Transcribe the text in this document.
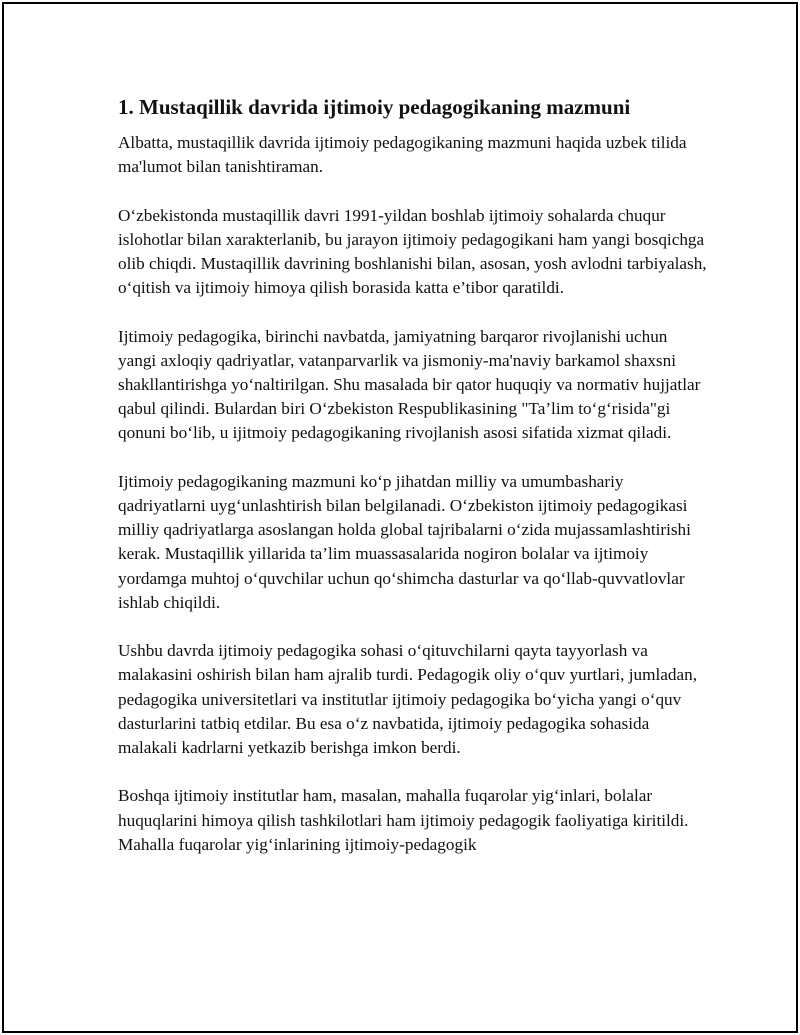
1. Mustaqillik davrida ijtimoiy pedagogikaning mazmuni

Albatta, mustaqillik davrida ijtimoiy pedagogikaning mazmuni haqida uzbek tilida ma'lumot bilan tanishtiraman.

O‘zbekistonda mustaqillik davri 1991-yildan boshlab ijtimoiy sohalarda chuqur islohotlar bilan xarakterlanib, bu jarayon ijtimoiy pedagogikani ham yangi bosqichga olib chiqdi. Mustaqillik davrining boshlanishi bilan, asosan, yosh avlodni tarbiyalash, o‘qitish va ijtimoiy himoya qilish borasida katta e’tibor qaratildi.

Ijtimoiy pedagogika, birinchi navbatda, jamiyatning barqaror rivojlanishi uchun yangi axloqiy qadriyatlar, vatanparvarlik va jismoniy-ma'naviy barkamol shaxsni shakllantirishga yo‘naltirilgan. Shu masalada bir qator huquqiy va normativ hujjatlar qabul qilindi. Bulardan biri O‘zbekiston Respublikasining "Ta’lim to‘g‘risida"gi qonuni bo‘lib, u ijitmoiy pedagogikaning rivojlanish asosi sifatida xizmat qiladi.

Ijtimoiy pedagogikaning mazmuni ko‘p jihatdan milliy va umumbashariy qadriyatlarni uyg‘unlashtirish bilan belgilanadi. O‘zbekiston ijtimoiy pedagogikasi milliy qadriyatlarga asoslangan holda global tajribalarni o‘zida mujassamlashtirishi kerak. Mustaqillik yillarida ta’lim muassasalarida nogiron bolalar va ijtimoiy yordamga muhtoj o‘quvchilar uchun qo‘shimcha dasturlar va qo‘llab-quvvatlovlar ishlab chiqildi.

Ushbu davrda ijtimoiy pedagogika sohasi o‘qituvchilarni qayta tayyorlash va malakasini oshirish bilan ham ajralib turdi. Pedagogik oliy o‘quv yurtlari, jumladan, pedagogika universitetlari va institutlar ijtimoiy pedagogika bo‘yicha yangi o‘quv dasturlarini tatbiq etdilar. Bu esa o‘z navbatida, ijtimoiy pedagogika sohasida malakali kadrlarni yetkazib berishga imkon berdi.

Boshqa ijtimoiy institutlar ham, masalan, mahalla fuqarolar yig‘inlari, bolalar huquqlarini himoya qilish tashkilotlari ham ijtimoiy pedagogik faoliyatiga kiritildi. Mahalla fuqarolar yig‘inlarining ijtimoiy-pedagogik
